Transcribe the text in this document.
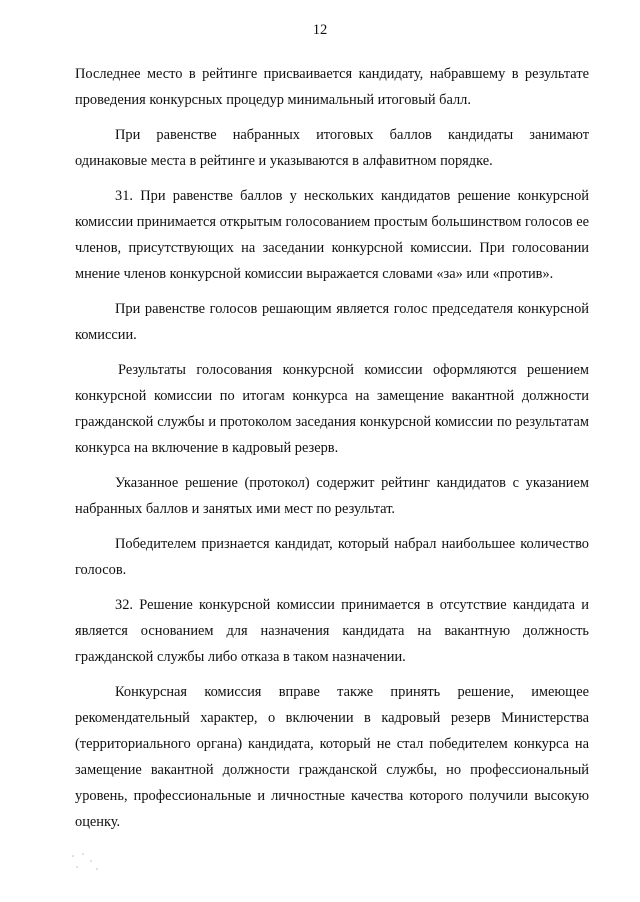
12

Последнее место в рейтинге присваивается кандидату, набравшему в результате проведения конкурсных процедур минимальный итоговый балл.

При равенстве набранных итоговых баллов кандидаты занимают одинаковые места в рейтинге и указываются в алфавитном порядке.

31. При равенстве баллов у нескольких кандидатов решение конкурсной комиссии принимается открытым голосованием простым большинством голосов ее членов, присутствующих на заседании конкурсной комиссии. При голосовании мнение членов конкурсной комиссии выражается словами «за» или «против».

При равенстве голосов решающим является голос председателя конкурсной комиссии.

Результаты голосования конкурсной комиссии оформляются решением конкурсной комиссии по итогам конкурса на замещение вакантной должности гражданской службы и протоколом заседания конкурсной комиссии по результатам конкурса на включение в кадровый резерв.

Указанное решение (протокол) содержит рейтинг кандидатов с указанием набранных баллов и занятых ими мест по результат.

Победителем признается кандидат, который набрал наибольшее количество голосов.

32. Решение конкурсной комиссии принимается в отсутствие кандидата и является основанием для назначения кандидата на вакантную должность гражданской службы либо отказа в таком назначении.

Конкурсная комиссия вправе также принять решение, имеющее рекомендательный характер, о включении в кадровый резерв Министерства (территориального органа) кандидата, который не стал победителем конкурса на замещение вакантной должности гражданской службы, но профессиональный уровень, профессиональные и личностные качества которого получили высокую оценку.
